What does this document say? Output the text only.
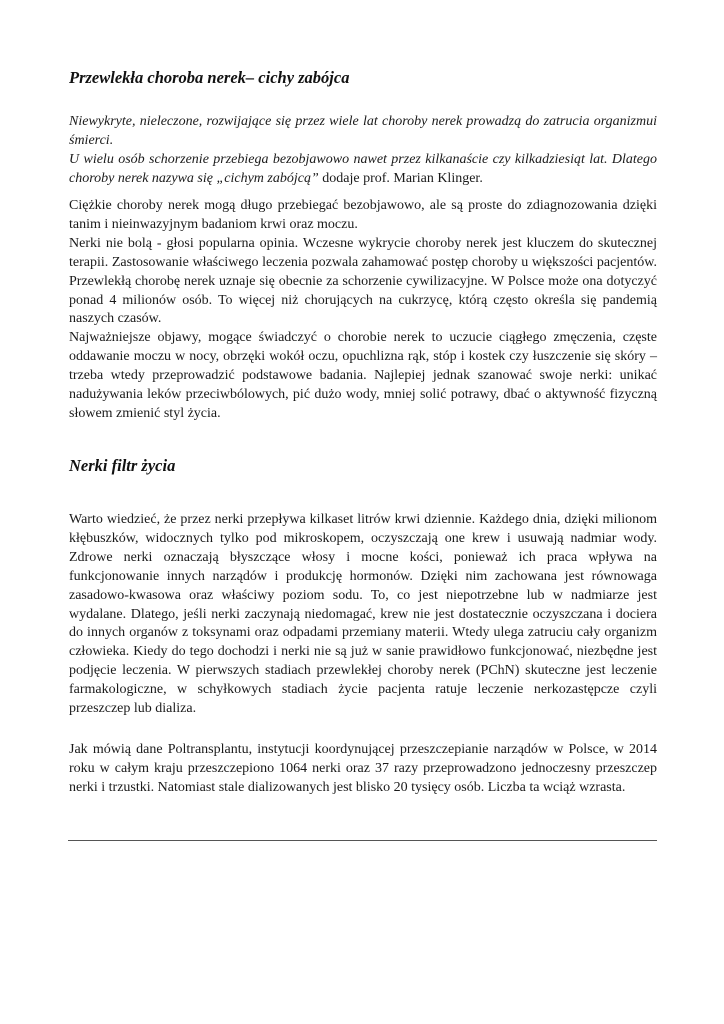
Przewlekła choroba nerek– cichy zabójca

Niewykryte, nieleczone, rozwijające się przez wiele lat choroby nerek prowadzą do zatrucia organizmui śmierci.

U wielu osób schorzenie przebiega bezobjawowo nawet przez kilkanaście czy kilkadziesiąt lat. Dlatego choroby nerek nazywa się „cichym zabójcą” dodaje prof. Marian Klinger.

Ciężkie choroby nerek mogą długo przebiegać bezobjawowo, ale są proste do zdiagnozowania dzięki tanim i nieinwazyjnym badaniom krwi oraz moczu.

Nerki nie bolą - głosi popularna opinia. Wczesne wykrycie choroby nerek jest kluczem do skutecznej terapii. Zastosowanie właściwego leczenia pozwala zahamować postęp choroby u większości pacjentów. Przewlekłą chorobę nerek uznaje się obecnie za schorzenie cywilizacyjne. W Polsce może ona dotyczyć ponad 4 milionów osób. To więcej niż chorujących na cukrzycę, którą często określa się pandemią naszych czasów.

Najważniejsze objawy, mogące świadczyć o chorobie nerek to uczucie ciągłego zmęczenia, częste oddawanie moczu w nocy, obrzęki wokół oczu, opuchlizna rąk, stóp i kostek czy łuszczenie się skóry – trzeba wtedy przeprowadzić podstawowe badania. Najlepiej jednak szanować swoje nerki: unikać nadużywania leków przeciwbólowych, pić dużo wody, mniej solić potrawy, dbać o aktywność fizyczną słowem zmienić styl życia.

Nerki filtr życia
Warto wiedzieć, że przez nerki przepływa kilkaset litrów krwi dziennie. Każdego dnia, dzięki milionom kłębuszków, widocznych tylko pod mikroskopem, oczyszczają one krew i usuwają nadmiar wody. Zdrowe nerki oznaczają błyszczące włosy i mocne kości, ponieważ ich praca wpływa na funkcjonowanie innych narządów i produkcję hormonów. Dzięki nim zachowana jest równowaga zasadowo-kwasowa oraz właściwy poziom sodu. To, co jest niepotrzebne lub w nadmiarze jest wydalane. Dlatego, jeśli nerki zaczynają niedomagać, krew nie jest dostatecznie oczyszczana i dociera do innych organów z toksynami oraz odpadami przemiany materii. Wtedy ulega zatruciu cały organizm człowieka. Kiedy do tego dochodzi i nerki nie są już w sanie prawidłowo funkcjonować, niezbędne jest podjęcie leczenia. W pierwszych stadiach przewlekłej choroby nerek (PChN) skuteczne jest leczenie farmakologiczne, w schyłkowych stadiach życie pacjenta ratuje leczenie nerkozastępcze czyli przeszczep lub dializa.
Jak mówią dane Poltransplantu, instytucji koordynującej przeszczepianie narządów w Polsce, w 2014 roku w całym kraju przeszczepiono 1064 nerki oraz 37 razy przeprowadzono jednoczesny przeszczep nerki i trzustki. Natomiast stale dializowanych jest blisko 20 tysięcy osób. Liczba ta wciąż wzrasta.
